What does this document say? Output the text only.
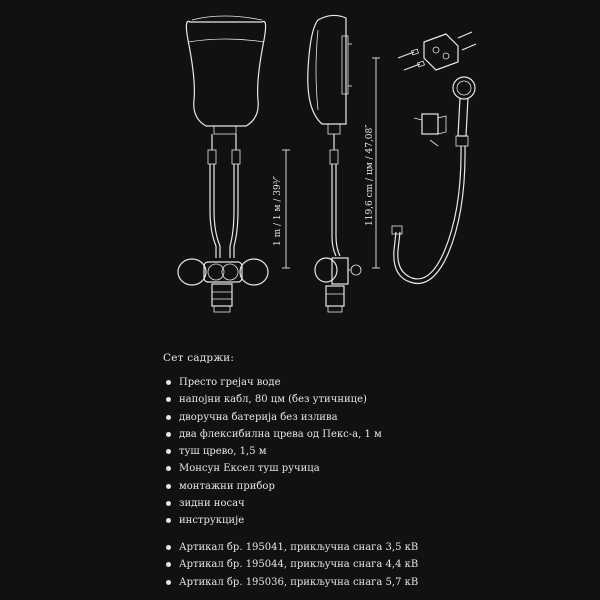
1 m / 1 м / 39³⁄″	119,6 cm / цм / 47,08″
Сет садржи:
Престо грејач воде
напојни кабл, 80 цм (без утичнице)
дворучна батерија без излива
два флексибилна црева од Пекс-а, 1 м
туш црево, 1,5 м
Монсун Ексел туш ручица
монтажни прибор
зидни носач
инструкције
Артикал бр. 195041, прикључна снага 3,5 кВ
Артикал бр. 195044, прикључна снага 4,4 кВ
Артикал бр. 195036, прикључна снага 5,7 кВ
